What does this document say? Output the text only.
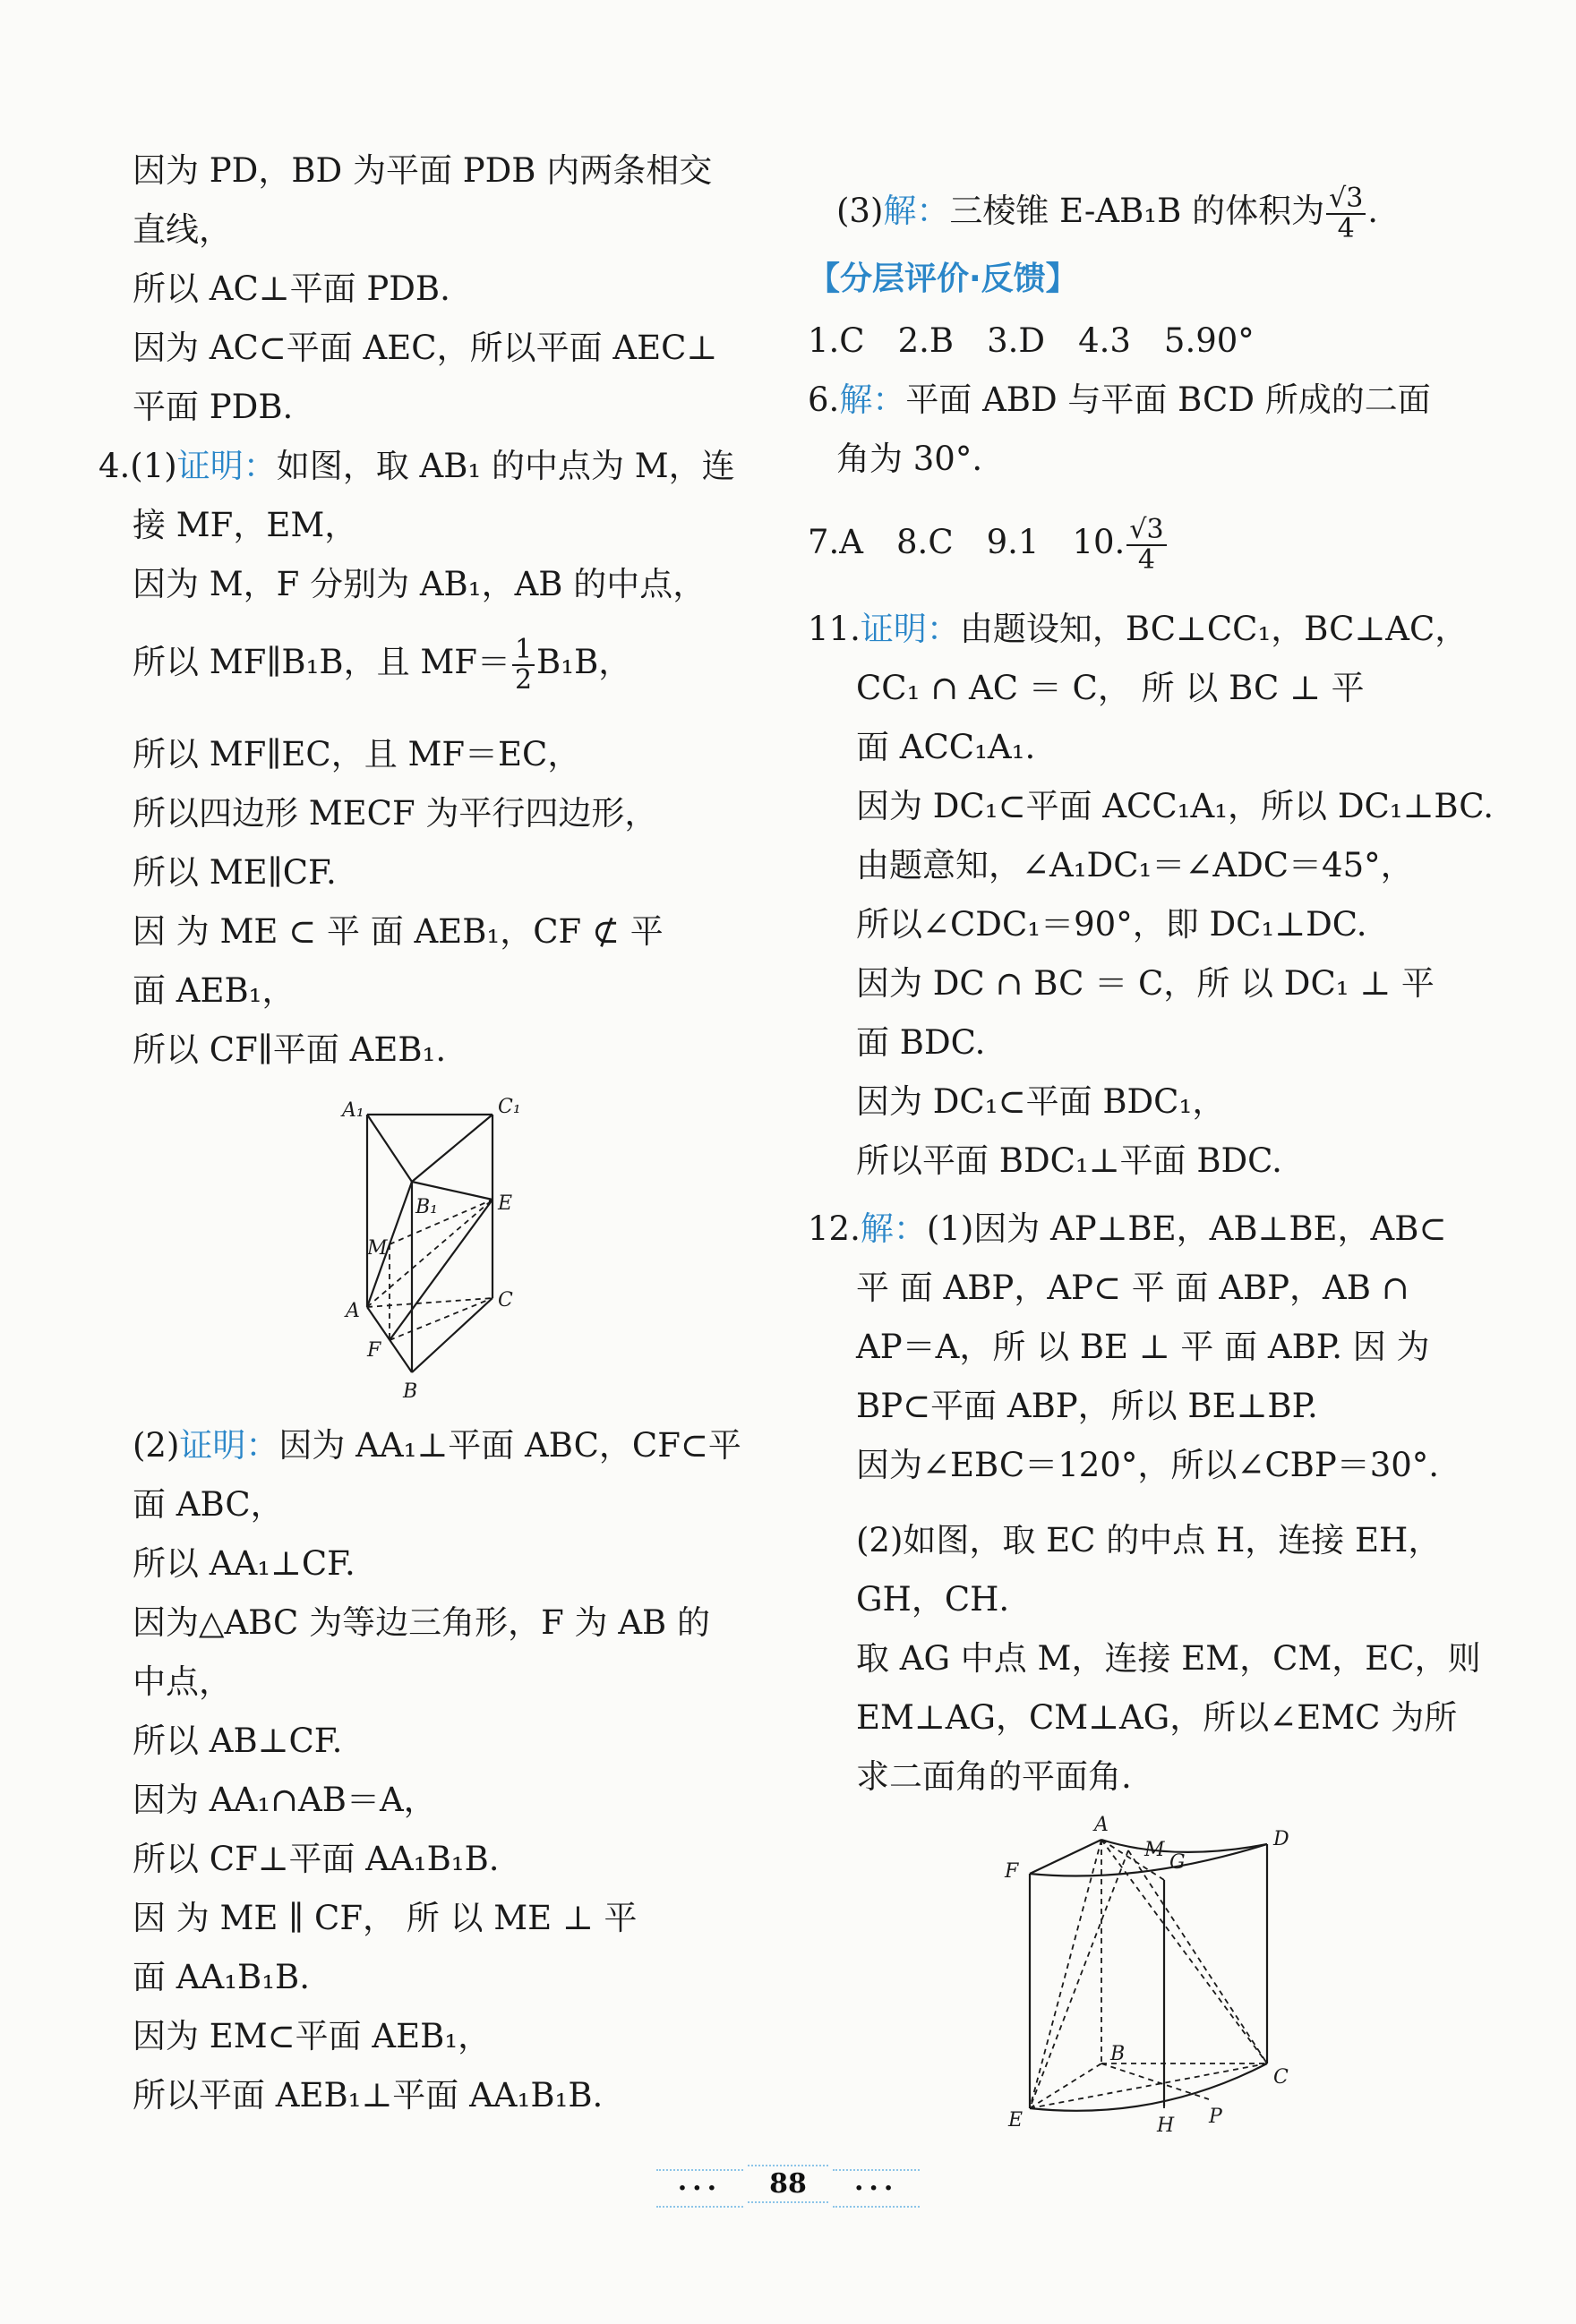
因为 PD，BD 为平面 PDB 内两条相交
直线，
所以 AC⊥平面 PDB.
因为 AC⊂平面 AEC，所以平面 AEC⊥
平面 PDB.
4.(1)证明：如图，取 AB₁ 的中点为 M，连
接 MF，EM，
因为 M，F 分别为 AB₁，AB 的中点，
所以 MF∥B₁B，且 $MF= \frac{1}{2} B_1B$，
所以 MF∥EC，且 MF＝EC，
所以四边形 MECF 为平行四边形，
所以 ME∥CF.
因 为 ME ⊂ 平 面 AEB₁，CF ⊄ 平
面 AEB₁，
所以 CF∥平面 AEB₁.
A₁	C₁
B₁	E
M
A	C
F
B
(2)证明：因为 AA₁⊥平面 ABC，CF⊂平
面 ABC，
所以 AA₁⊥CF.
因为△ABC 为等边三角形，F 为 AB 的
中点，
所以 AB⊥CF.
因为 AA₁∩AB＝A，
所以 CF⊥平面 AA₁B₁B.
因 为 ME ∥ CF， 所 以 ME ⊥ 平
面 AA₁B₁B.
因为 EM⊂平面 AEB₁，
所以平面 AEB₁⊥平面 AA₁B₁B.
(3)解：三棱锥 E-AB₁B 的体积为 $\frac{√3}{4}$ .
【分层评价·反馈】
1.C　2.B　3.D　4.3　5.90°
6.解：平面 ABD 与平面 BCD 所成的二面
角为 30°.
7.A　8.C　9.1　10. $\frac{√3}{4}$
11.证明：由题设知，BC⊥CC₁，BC⊥AC，
CC₁ ∩ AC ＝ C， 所 以 BC ⊥ 平
面 ACC₁A₁.
因为 DC₁⊂平面 ACC₁A₁，所以 DC₁⊥BC.
由题意知，∠A₁DC₁＝∠ADC＝45°，
所以∠CDC₁＝90°，即 DC₁⊥DC.
因为 DC ∩ BC ＝ C，所 以 DC₁ ⊥ 平
面 BDC.
因为 DC₁⊂平面 BDC₁，
所以平面 BDC₁⊥平面 BDC.
12.解：(1)因为 AP⊥BE，AB⊥BE，AB⊂
平 面 ABP，AP⊂ 平 面 ABP，AB ∩
AP＝A，所 以 BE ⊥ 平 面 ABP. 因 为
BP⊂平面 ABP，所以 BE⊥BP.
因为∠EBC＝120°，所以∠CBP＝30°.
(2)如图，取 EC 的中点 H，连接 EH，
GH，CH.
取 AG 中点 M，连接 EM，CM，EC，则
EM⊥AG，CM⊥AG，所以∠EMC 为所
求二面角的平面角.
A
D
F
M
G
B
C
E	H P
··· 88 ···
